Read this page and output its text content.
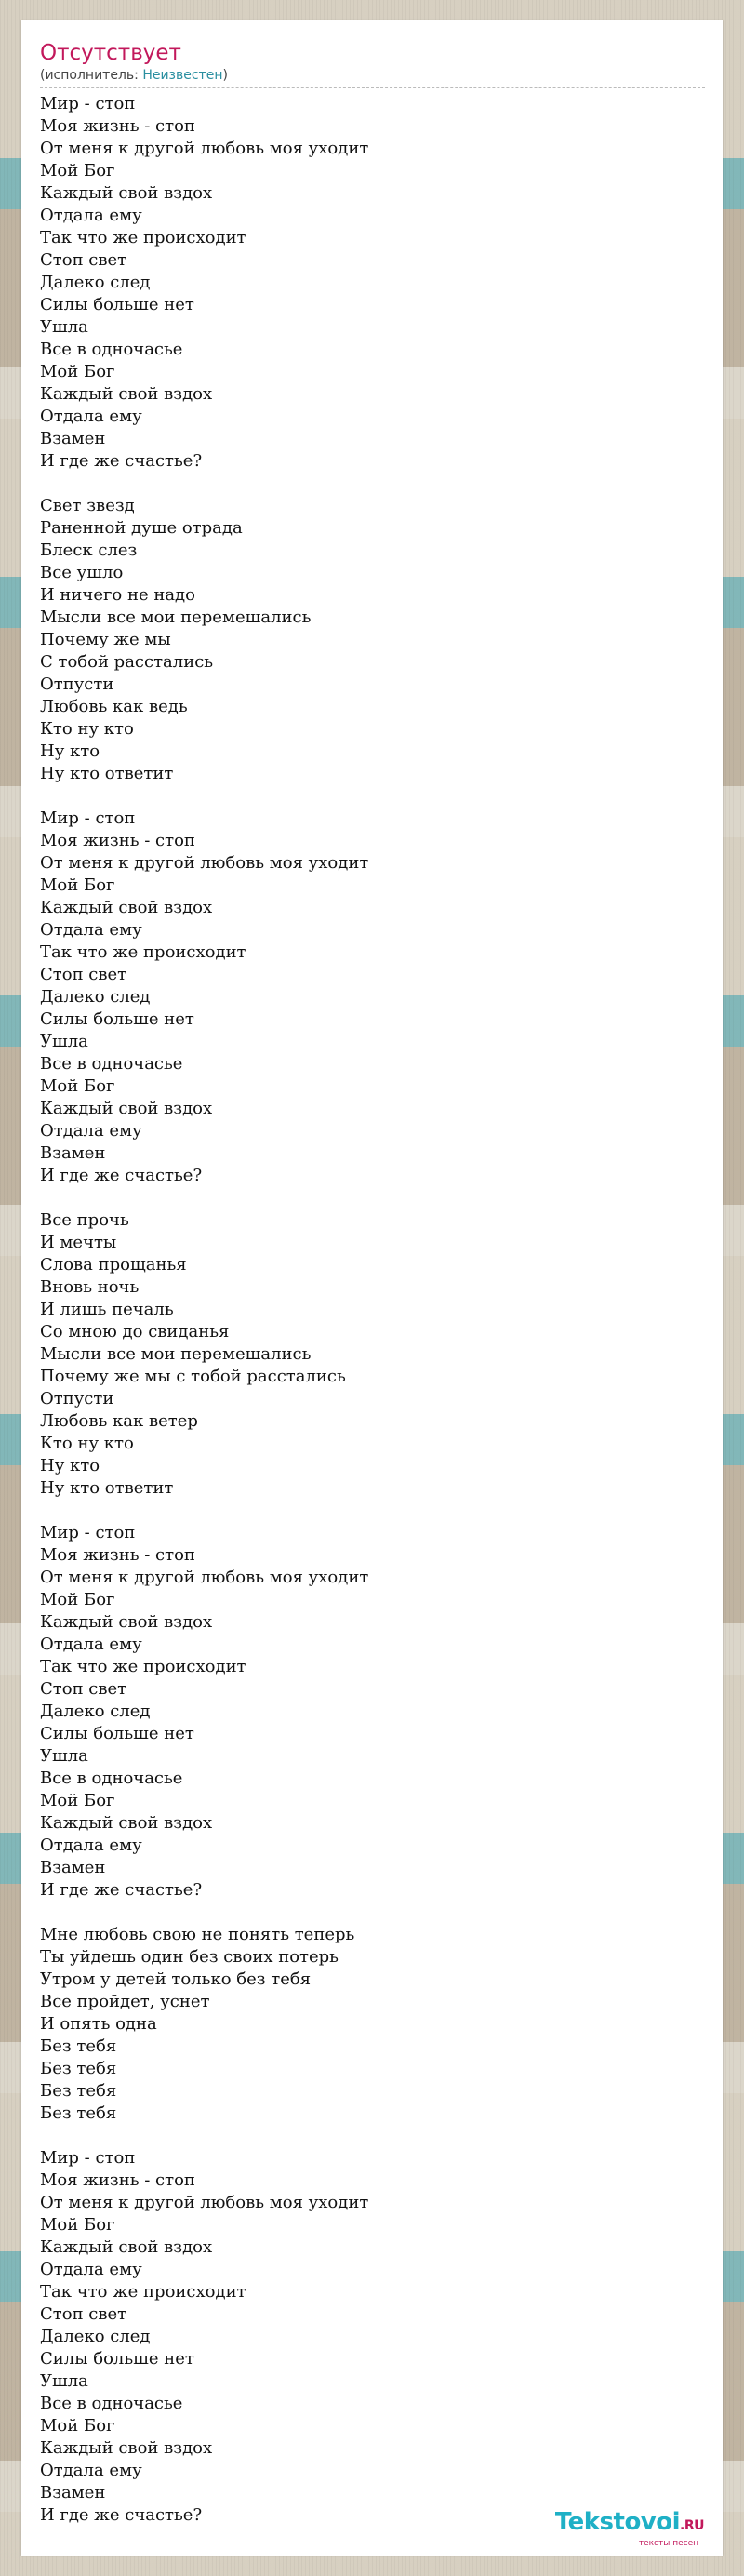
Отсутствует
(исполнитель: Неизвестен)
Мир - стоп
Моя жизнь - стоп
От меня к другой любовь моя уходит
Мой Бог
Каждый свой вздох
Отдала ему
Так что же происходит
Стоп свет
Далеко след
Силы больше нет
Ушла
Все в одночасье
Мой Бог
Каждый свой вздох
Отдала ему
Взамен
И где же счастье?
Свет звезд
Раненной душе отрада
Блеск слез
Все ушло
И ничего не надо
Мысли все мои перемешались
Почему же мы
С тобой расстались
Отпусти
Любовь как ведь
Кто ну кто
Ну кто
Ну кто ответит
Мир - стоп
Моя жизнь - стоп
От меня к другой любовь моя уходит
Мой Бог
Каждый свой вздох
Отдала ему
Так что же происходит
Стоп свет
Далеко след
Силы больше нет
Ушла
Все в одночасье
Мой Бог
Каждый свой вздох
Отдала ему
Взамен
И где же счастье?
Все прочь
И мечты
Слова прощанья
Вновь ночь
И лишь печаль
Со мною до свиданья
Мысли все мои перемешались
Почему же мы с тобой расстались
Отпусти
Любовь как ветер
Кто ну кто
Ну кто
Ну кто ответит
Мир - стоп
Моя жизнь - стоп
От меня к другой любовь моя уходит
Мой Бог
Каждый свой вздох
Отдала ему
Так что же происходит
Стоп свет
Далеко след
Силы больше нет
Ушла
Все в одночасье
Мой Бог
Каждый свой вздох
Отдала ему
Взамен
И где же счастье?
Мне любовь свою не понять теперь
Ты уйдешь один без своих потерь
Утром у детей только без тебя
Все пройдет, уснет
И опять одна
Без тебя
Без тебя
Без тебя
Без тебя
Мир - стоп
Моя жизнь - стоп
От меня к другой любовь моя уходит
Мой Бог
Каждый свой вздох
Отдала ему
Так что же происходит
Стоп свет
Далеко след
Силы больше нет
Ушла
Все в одночасье
Мой Бог
Каждый свой вздох
Отдала ему
Взамен
И где же счастье?	Tekstovoi.RU
тексты песен
